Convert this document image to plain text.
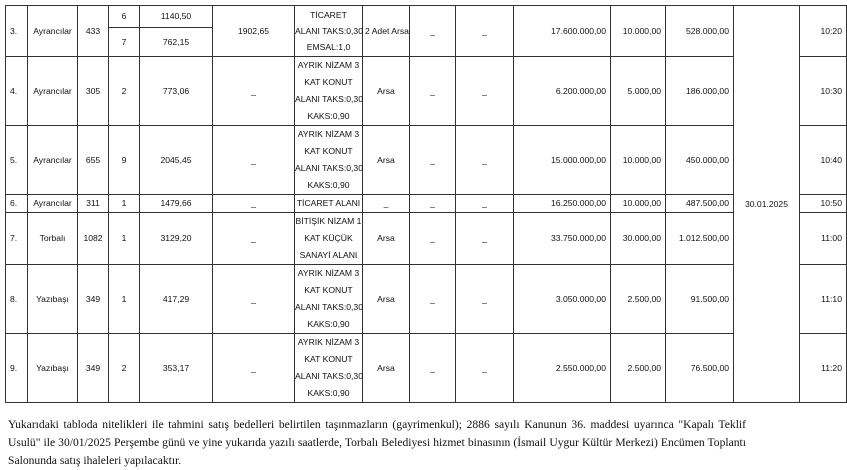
3.	Ayrancılar	433	6	1140,50	1902,65	TİCARET
ALANI TAKS:0,30
EMSAL:1,0	2 Adet Arsa	_	_	17.600.000,00	10.000,00	528.000,00	30.01.2025	10:20
			7	762,15										
4.	Ayrancılar	305	2	773,06	_	AYRIK NİZAM 3
KAT KONUT
ALANI TAKS:0,30
KAKS:0,90	Arsa	_	_	6.200.000,00	5.000,00	186.000,00		10:30
5.	Ayrancılar	655	9	2045,45	_	AYRIK NİZAM 3
KAT KONUT
ALANI TAKS:0,30
KAKS:0,90	Arsa	_	_	15.000.000,00	10.000,00	450.000,00		10:40
6.	Ayrancılar	311	1	1479,66	_	TİCARET ALANI	_	_	_	16.250.000,00	10.000,00	487.500,00		10:50
7.	Torbalı	1082	1	3129,20	_	BİTİŞİK NİZAM 1
KAT KÜÇÜK
SANAYİ ALANI	Arsa	_	_	33.750.000,00	30.000,00	1.012.500,00		11:00
8.	Yazıbaşı	349	1	417,29	_	AYRIK NİZAM 3
KAT KONUT
ALANI TAKS:0,30
KAKS:0,90	Arsa	_	_	3.050.000,00	2.500,00	91.500,00		11:10
9.	Yazıbaşı	349	2	353,17	_	AYRIK NİZAM 3
KAT KONUT
ALANI TAKS:0,30
KAKS:0,90	Arsa	_	_	2.550.000,00	2.500,00	76.500,00		11:20

Yukarıdaki tabloda nitelikleri ile tahmini satış bedelleri belirtilen taşınmazların (gayrimenkul); 2886 sayılı Kanunun 36. maddesi uyarınca "Kapalı Teklif Usulü" ile 30/01/2025 Perşembe günü ve yine yukarıda yazılı saatlerde, Torbalı Belediyesi hizmet binasının (İsmail Uygur Kültür Merkezi) Encümen Toplantı Salonunda satış ihaleleri yapılacaktır.
